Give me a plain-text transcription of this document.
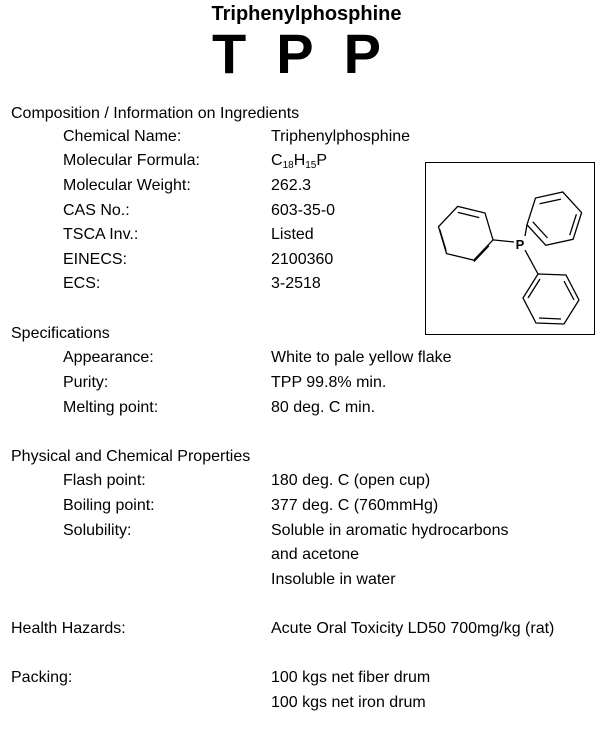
Triphenylphosphine
TPP
Composition / Information on Ingredients
Chemical Name:	Triphenylphosphine
Molecular Formula:	$C_{18}H_{15}P$
Molecular Weight:	262.3
CAS No.:	603-35-0
TSCA Inv.:	Listed
EINECS:	2100360
ECS:	3-2518
P
Specifications
Appearance:	White to pale yellow flake
Purity:	TPP 99.8% min.
Melting point:	80 deg. C min.
Physical and Chemical Properties
Flash point:	180 deg. C (open cup)
Boiling point:	377 deg. C (760mmHg)
Solubility:	Soluble in aromatic hydrocarbons
and acetone
Insoluble in water
Health Hazards:	Acute Oral Toxicity LD50 700mg/kg (rat)
Packing:	100 kgs net fiber drum
100 kgs net iron drum
